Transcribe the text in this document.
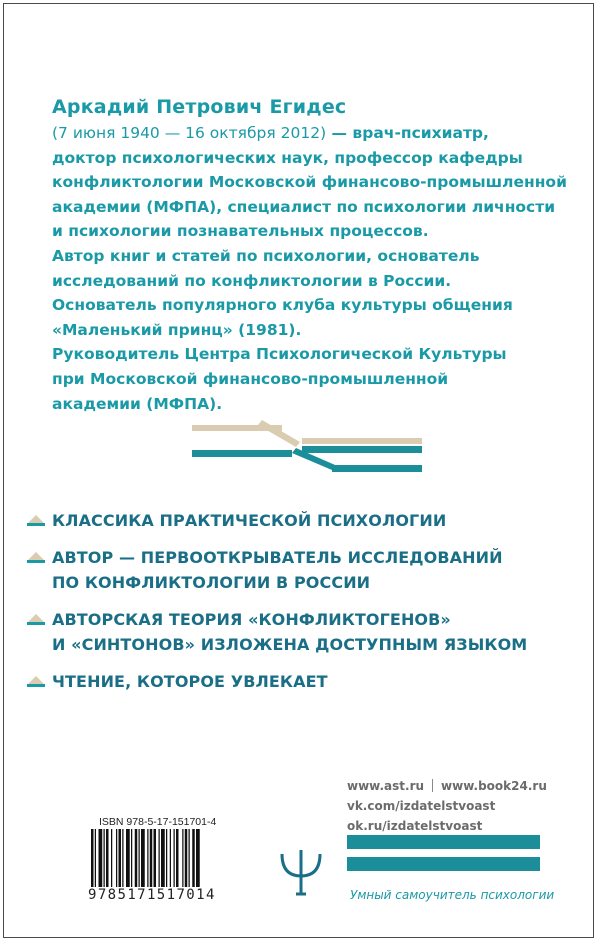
Аркадий Петрович Егидес
(7 июня 1940 — 16 октября 2012) — врач-психиатр,
доктор психологических наук, профессор кафедры
конфликтологии Московской финансово-промышленной
академии (МФПА), специалист по психологии личности
и психологии познавательных процессов.
Автор книг и статей по психологии, основатель
исследований по конфликтологии в России.
Основатель популярного клуба культуры общения
«Маленький принц» (1981).
Руководитель Центра Психологической Культуры
при Московской финансово-промышленной
академии (МФПА).
КЛАССИКА ПРАКТИЧЕСКОЙ ПСИХОЛОГИИ
АВТОР — ПЕРВООТКРЫВАТЕЛЬ ИССЛЕДОВАНИЙ
ПО КОНФЛИКТОЛОГИИ В РОССИИ
АВТОРСКАЯ ТЕОРИЯ «КОНФЛИКТОГЕНОВ»
И «СИНТОНОВ» ИЗЛОЖЕНА ДОСТУПНЫМ ЯЗЫКОМ
ЧТЕНИЕ, КОТОРОЕ УВЛЕКАЕТ
www.ast.ru www.book24.ru
vk.com/izdatelstvoast
ok.ru/izdatelstvoast
ISBN 978-5-17-151701-4
9785171517014	Умный самоучитель психологии
